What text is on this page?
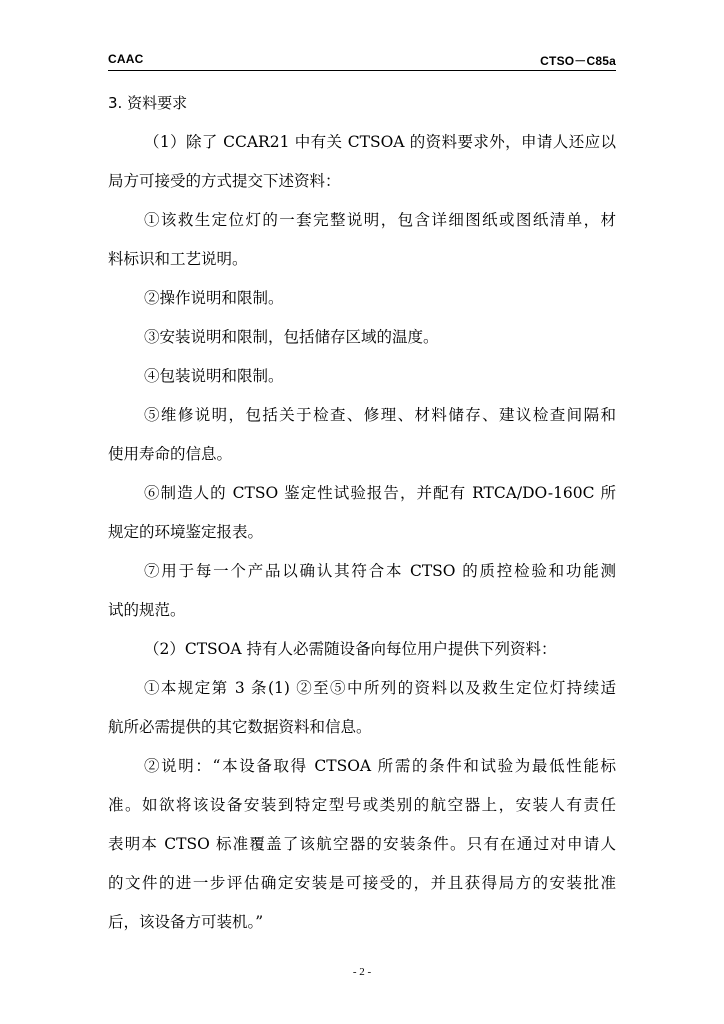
CAAC	CTSO－C85a
3. 资料要求
（1）除了 CCAR21 中有关 CTSOA 的资料要求外，申请人还应以
局方可接受的方式提交下述资料：
①该救生定位灯的一套完整说明，包含详细图纸或图纸清单，材
料标识和工艺说明。
②操作说明和限制。
③安装说明和限制，包括储存区域的温度。
④包装说明和限制。
⑤维修说明，包括关于检查、修理、材料储存、建议检查间隔和
使用寿命的信息。
⑥制造人的 CTSO 鉴定性试验报告，并配有 RTCA/DO-160C 所
规定的环境鉴定报表。
⑦用于每一个产品以确认其符合本 CTSO 的质控检验和功能测
试的规范。
（2）CTSOA 持有人必需随设备向每位用户提供下列资料：
①本规定第 3 条(1) ②至⑤中所列的资料以及救生定位灯持续适
航所必需提供的其它数据资料和信息。
②说明：“本设备取得 CTSOA 所需的条件和试验为最低性能标
准。如欲将该设备安装到特定型号或类别的航空器上，安装人有责任
表明本 CTSO 标准覆盖了该航空器的安装条件。只有在通过对申请人
的文件的进一步评估确定安装是可接受的，并且获得局方的安装批准
后，该设备方可装机。”
- 2 -
